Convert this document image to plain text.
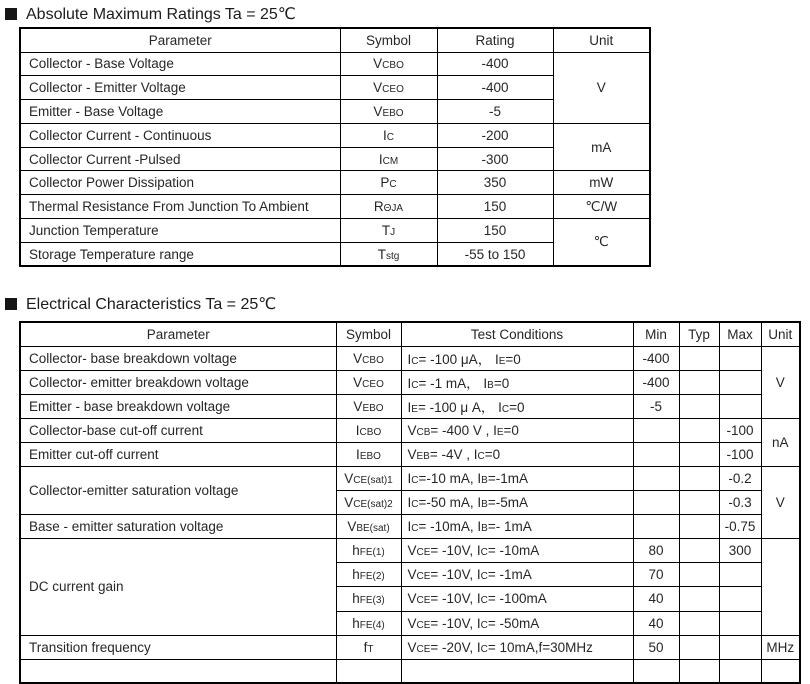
Absolute Maximum Ratings Ta = 25℃
Parameter	Symbol	Rating	Unit
Collector - Base Voltage	VCBO	-400	V
Collector - Emitter Voltage	VCEO	-400	
Emitter - Base Voltage	VEBO	-5	
Collector Current - Continuous	IC	-200	mA
Collector Current -Pulsed	ICM	-300	
Collector Power Dissipation	PC	350	mW
Thermal Resistance From Junction To Ambient	RΘJA	150	℃/W
Junction Temperature	TJ	150	℃
Storage Temperature range	Tstg	-55 to 150	
Electrical Characteristics Ta = 25℃
Parameter	Symbol	Test Conditions	Min	Typ	Max	Unit
Collector- base breakdown voltage	VCBO	IC= -100 μA， IE=0	-400			V
Collector- emitter breakdown voltage	VCEO	IC= -1 mA， IB=0	-400			
Emitter - base breakdown voltage	VEBO	IE= -100 μ A， IC=0	-5			
Collector-base cut-off current	ICBO	VCB= -400 V , IE=0			-100	nA
Emitter cut-off current	IEBO	VEB= -4V , IC=0			-100	
Collector-emitter saturation voltage	VCE(sat)1	IC=-10 mA, IB=-1mA			-0.2	V
	VCE(sat)2	IC=-50 mA, IB=-5mA			-0.3	
Base - emitter saturation voltage	VBE(sat)	IC= -10mA, IB=- 1mA			-0.75	
DC current gain	hFE(1)	VCE= -10V, IC= -10mA	80		300	
	hFE(2)	VCE= -10V, IC= -1mA	70			
	hFE(3)	VCE= -10V, IC= -100mA	40			
	hFE(4)	VCE= -10V, IC= -50mA	40			
Transition frequency	fT	VCE= -20V, IC= 10mA,f=30MHz	50			MHz
